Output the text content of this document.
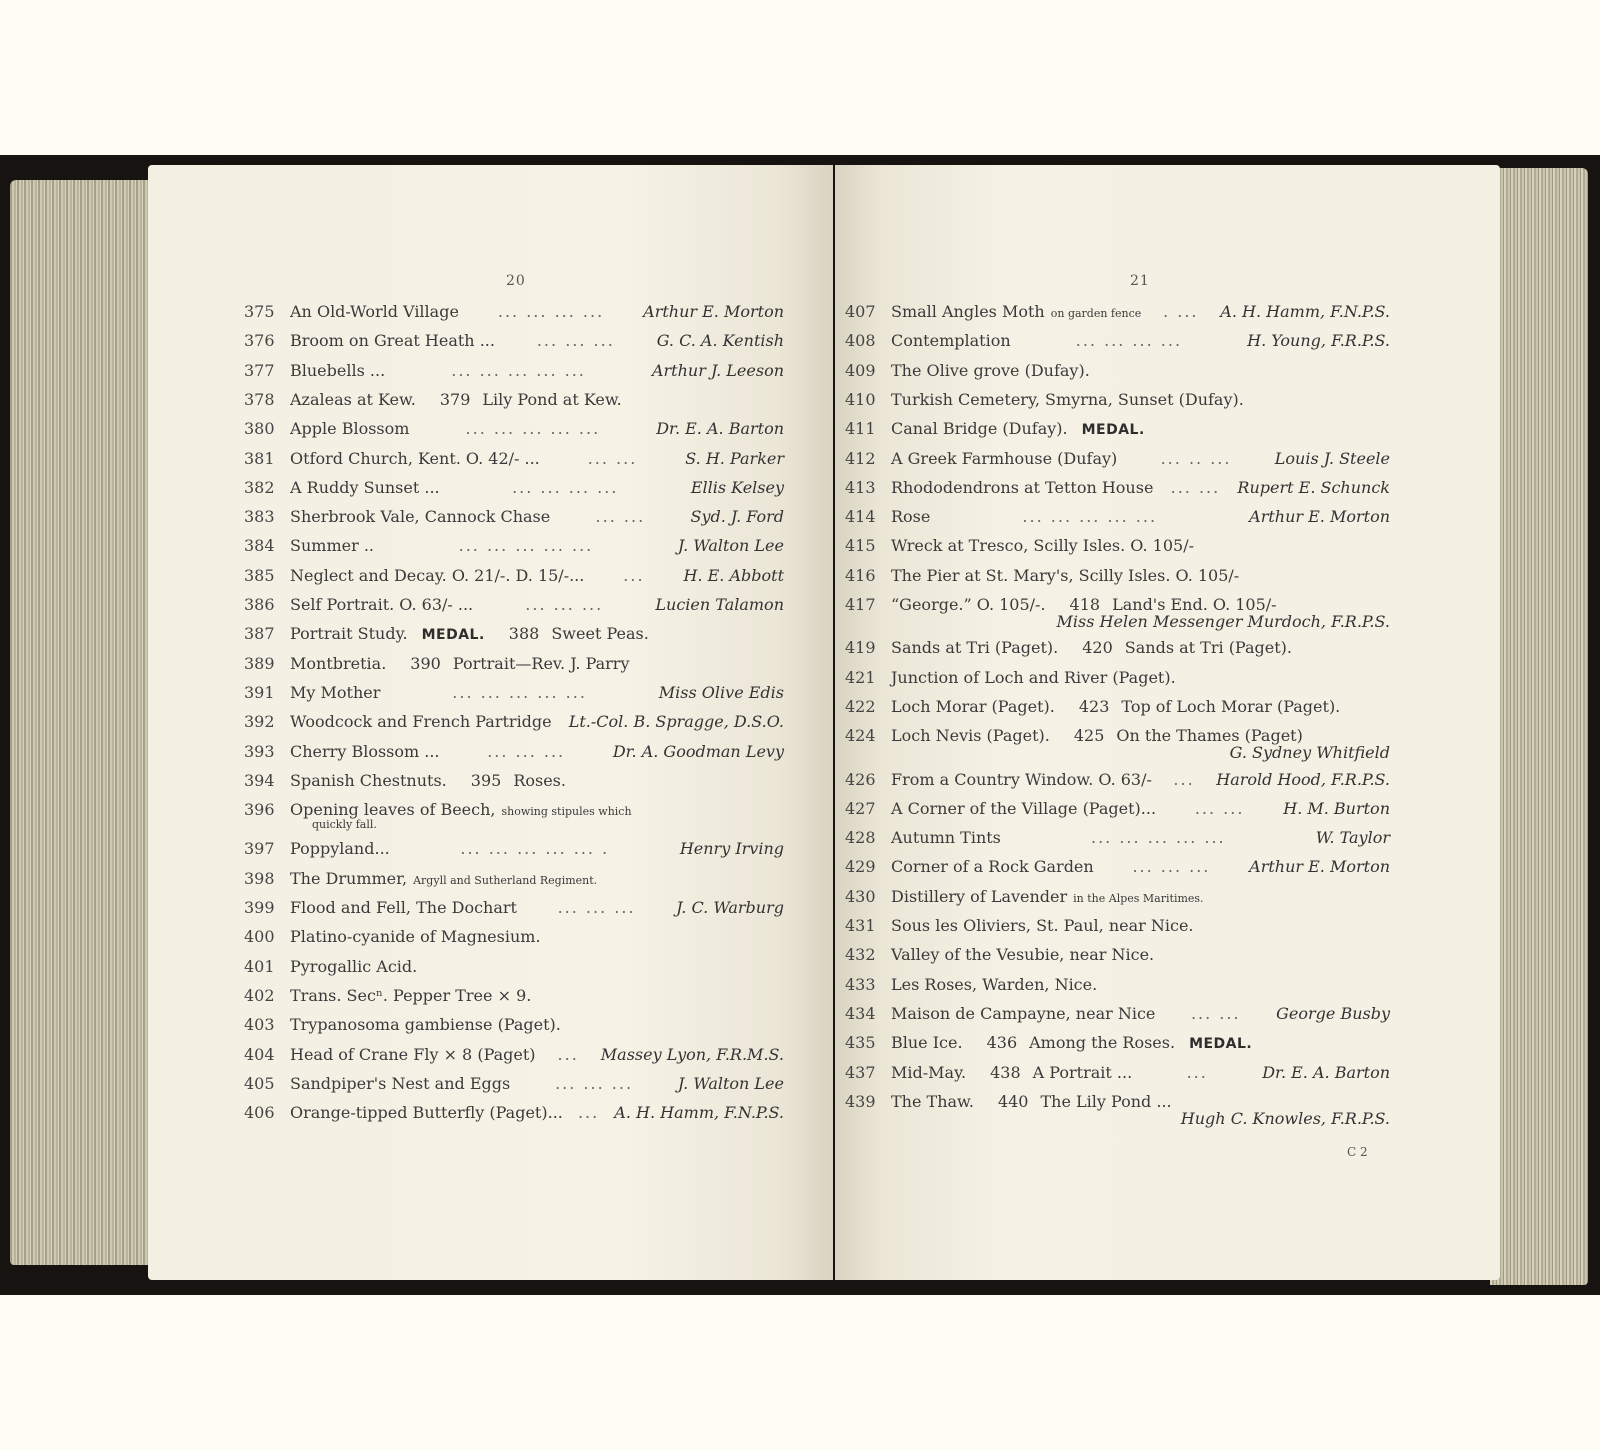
20
375 An Old-World Village	... ... ... ...	Arthur E. Morton
376 Broom on Great Heath ...	... ... ...	G. C. A. Kentish
377 Bluebells ...	... ... ... ... ...	Arthur J. Leeson
378 Azaleas at Kew. 379 Lily Pond at Kew.
380 Apple Blossom	... ... ... ... ...	Dr. E. A. Barton
381 Otford Church, Kent. O. 42/- ...	... ...	S. H. Parker
382 A Ruddy Sunset ...	... ... ... ...	Ellis Kelsey
383 Sherbrook Vale, Cannock Chase	... ...	Syd. J. Ford
384 Summer ..	... ... ... ... ...	J. Walton Lee
385 Neglect and Decay. O. 21/-. D. 15/-...	...	H. E. Abbott
386 Self Portrait. O. 63/- ...	... ... ...	Lucien Talamon
387 Portrait Study. MEDAL. 388 Sweet Peas.
389 Montbretia. 390 Portrait—Rev. J. Parry
391 My Mother	... ... ... ... ...	Miss Olive Edis
392 Woodcock and French Partridge Lt.-Col. B. Spragge, D.S.O.
393 Cherry Blossom ...	... ... ...	Dr. A. Goodman Levy
394 Spanish Chestnuts. 395 Roses.
396 Opening leaves of Beech, showing stipules which
quickly fall.
397 Poppyland...	... ... ... ... ... .	Henry Irving
398 The Drummer, Argyll and Sutherland Regiment.
399 Flood and Fell, The Dochart	... ... ...	J. C. Warburg
400 Platino-cyanide of Magnesium.
401 Pyrogallic Acid.
402 Trans. Secⁿ. Pepper Tree × 9.
403 Trypanosoma gambiense (Paget).
404 Head of Crane Fly × 8 (Paget)	...	Massey Lyon, F.R.M.S.
405 Sandpiper's Nest and Eggs	... ... ...	J. Walton Lee
406 Orange-tipped Butterfly (Paget)... ... A. H. Hamm, F.N.P.S.
21
407 Small Angles Moth on garden fence	. ...	A. H. Hamm, F.N.P.S.
408 Contemplation	... ... ... ...	H. Young, F.R.P.S.
409 The Olive grove (Dufay).
410 Turkish Cemetery, Smyrna, Sunset (Dufay).
411 Canal Bridge (Dufay). MEDAL.
412 A Greek Farmhouse (Dufay)	... .. ...	Louis J. Steele
413 Rhododendrons at Tetton House	... ...	Rupert E. Schunck
414 Rose	... ... ... ... ...	Arthur E. Morton
415 Wreck at Tresco, Scilly Isles. O. 105/-
416 The Pier at St. Mary's, Scilly Isles. O. 105/-
417 “George.” O. 105/-. 418 Land's End. O. 105/-
Miss Helen Messenger Murdoch, F.R.P.S.
419 Sands at Tri (Paget). 420 Sands at Tri (Paget).
421 Junction of Loch and River (Paget).
422 Loch Morar (Paget). 423 Top of Loch Morar (Paget).
424 Loch Nevis (Paget). 425 On the Thames (Paget)
G. Sydney Whitfield
426 From a Country Window. O. 63/-	...	Harold Hood, F.R.P.S.
427 A Corner of the Village (Paget)...	... ...	H. M. Burton
428 Autumn Tints	... ... ... ... ...	W. Taylor
429 Corner of a Rock Garden	... ... ...	Arthur E. Morton
430 Distillery of Lavender in the Alpes Maritimes.
431 Sous les Oliviers, St. Paul, near Nice.
432 Valley of the Vesubie, near Nice.
433 Les Roses, Warden, Nice.
434 Maison de Campayne, near Nice	... ...	George Busby
435 Blue Ice. 436 Among the Roses. MEDAL.
437 Mid-May. 438 A Portrait ...	...	Dr. E. A. Barton
439 The Thaw. 440 The Lily Pond ...
Hugh C. Knowles, F.R.P.S.
C 2
